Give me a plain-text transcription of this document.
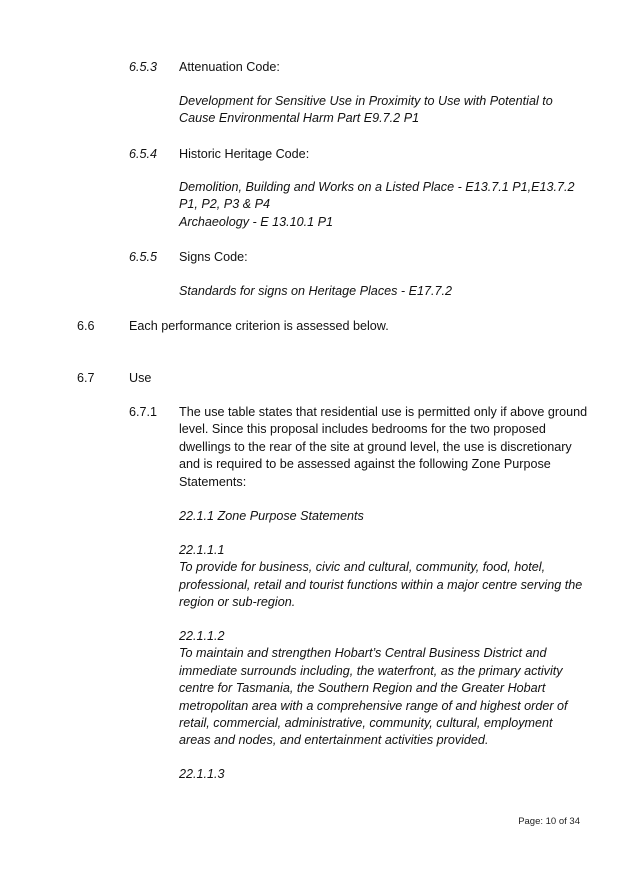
6.5.3 Attenuation Code:
Development for Sensitive Use in Proximity to Use with Potential to
Cause Environmental Harm Part E9.7.2 P1
6.5.4 Historic Heritage Code:
Demolition, Building and Works on a Listed Place - E13.7.1 P1,E13.7.2
P1, P2, P3 & P4
Archaeology - E 13.10.1 P1
6.5.5 Signs Code:
Standards for signs on Heritage Places - E17.7.2
6.6	Each performance criterion is assessed below.
6.7	Use
6.7.1 The use table states that residential use is permitted only if above ground
level. Since this proposal includes bedrooms for the two proposed
dwellings to the rear of the site at ground level, the use is discretionary
and is required to be assessed against the following Zone Purpose
Statements:
22.1.1 Zone Purpose Statements
22.1.1.1
To provide for business, civic and cultural, community, food, hotel,
professional, retail and tourist functions within a major centre serving the
region or sub-region.
22.1.1.2
To maintain and strengthen Hobart’s Central Business District and
immediate surrounds including, the waterfront, as the primary activity
centre for Tasmania, the Southern Region and the Greater Hobart
metropolitan area with a comprehensive range of and highest order of
retail, commercial, administrative, community, cultural, employment
areas and nodes, and entertainment activities provided.
22.1.1.3
Page: 10 of 34
